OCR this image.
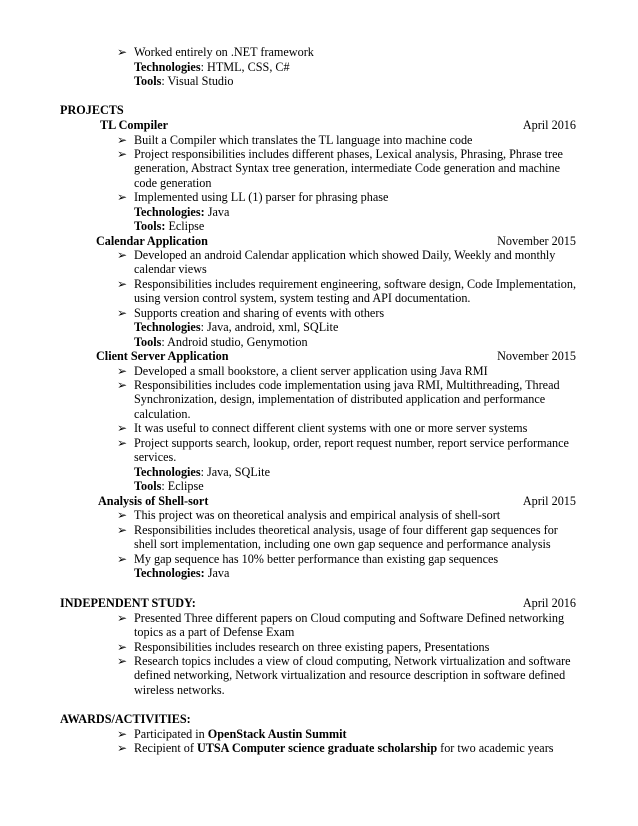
➢ Worked entirely on .NET framework
Technologies: HTML, CSS, C#
Tools: Visual Studio
PROJECTS
TL Compiler	April 2016
➢ Built a Compiler which translates the TL language into machine code
➢ Project responsibilities includes different phases, Lexical analysis, Phrasing, Phrase tree generation, Abstract Syntax tree generation, intermediate Code generation and machine code generation
➢ Implemented using LL (1) parser for phrasing phase
Technologies: Java
Tools: Eclipse
Calendar Application	November 2015
➢ Developed an android Calendar application which showed Daily, Weekly and monthly calendar views
➢ Responsibilities includes requirement engineering, software design, Code Implementation, using version control system, system testing and API documentation.
➢ Supports creation and sharing of events with others
Technologies: Java, android, xml, SQLite
Tools: Android studio, Genymotion
Client Server Application	November 2015
➢ Developed a small bookstore, a client server application using Java RMI
➢ Responsibilities includes code implementation using java RMI, Multithreading, Thread Synchronization, design, implementation of distributed application and performance calculation.
➢ It was useful to connect different client systems with one or more server systems
➢ Project supports search, lookup, order, report request number, report service performance services.
Technologies: Java, SQLite
Tools: Eclipse
Analysis of Shell-sort	April 2015
➢ This project was on theoretical analysis and empirical analysis of shell-sort
➢ Responsibilities includes theoretical analysis, usage of four different gap sequences for shell sort implementation, including one own gap sequence and performance analysis
➢ My gap sequence has 10% better performance than existing gap sequences
Technologies: Java
INDEPENDENT STUDY:	April 2016
➢ Presented Three different papers on Cloud computing and Software Defined networking topics as a part of Defense Exam
➢ Responsibilities includes research on three existing papers, Presentations
➢ Research topics includes a view of cloud computing, Network virtualization and software defined networking, Network virtualization and resource description in software defined wireless networks.
AWARDS/ACTIVITIES:
➢ Participated in OpenStack Austin Summit
➢ Recipient of UTSA Computer science graduate scholarship for two academic years
